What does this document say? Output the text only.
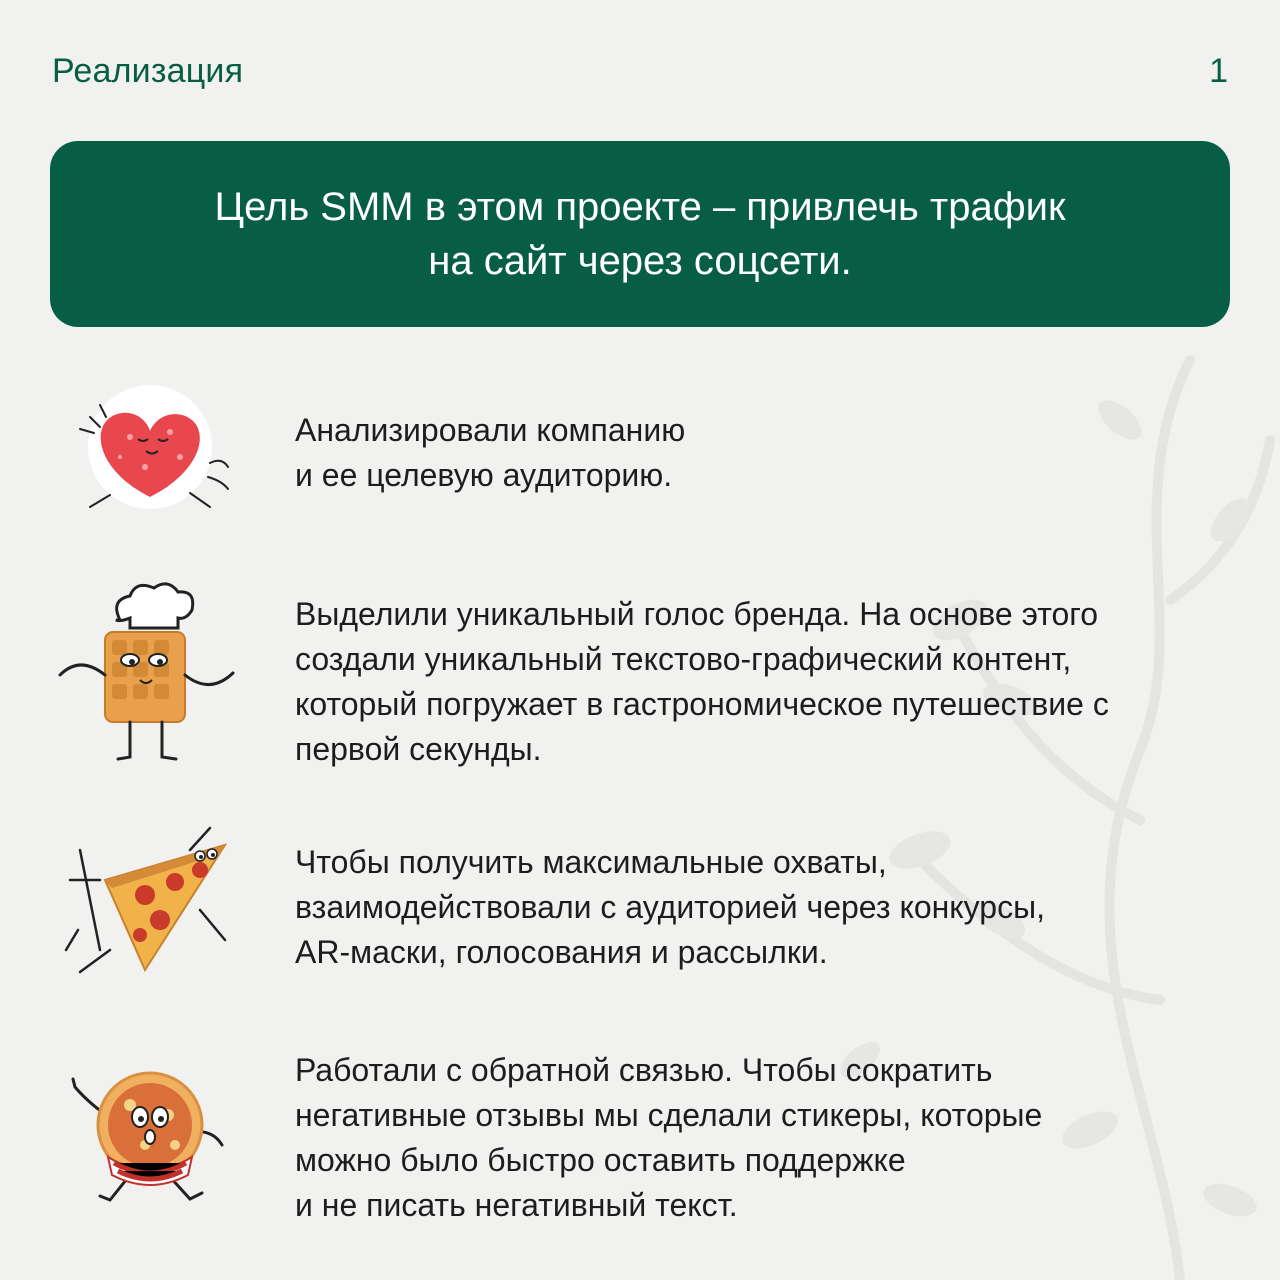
Реализация	1

Цель SMM в этом проекте – привлечь трафик
на сайт через соцсети.

Анализировали компанию
и ее целевую аудиторию.

Выделили уникальный голос бренда. На основе этого
создали уникальный текстово-графический контент,
который погружает в гастрономическое путешествие с
первой секунды.

Чтобы получить максимальные охваты,
взаимодействовали с аудиторией через конкурсы,
AR-маски, голосования и рассылки.

Работали с обратной связью. Чтобы сократить
негативные отзывы мы сделали стикеры, которые
можно было быстро оставить поддержке
и не писать негативный текст.
